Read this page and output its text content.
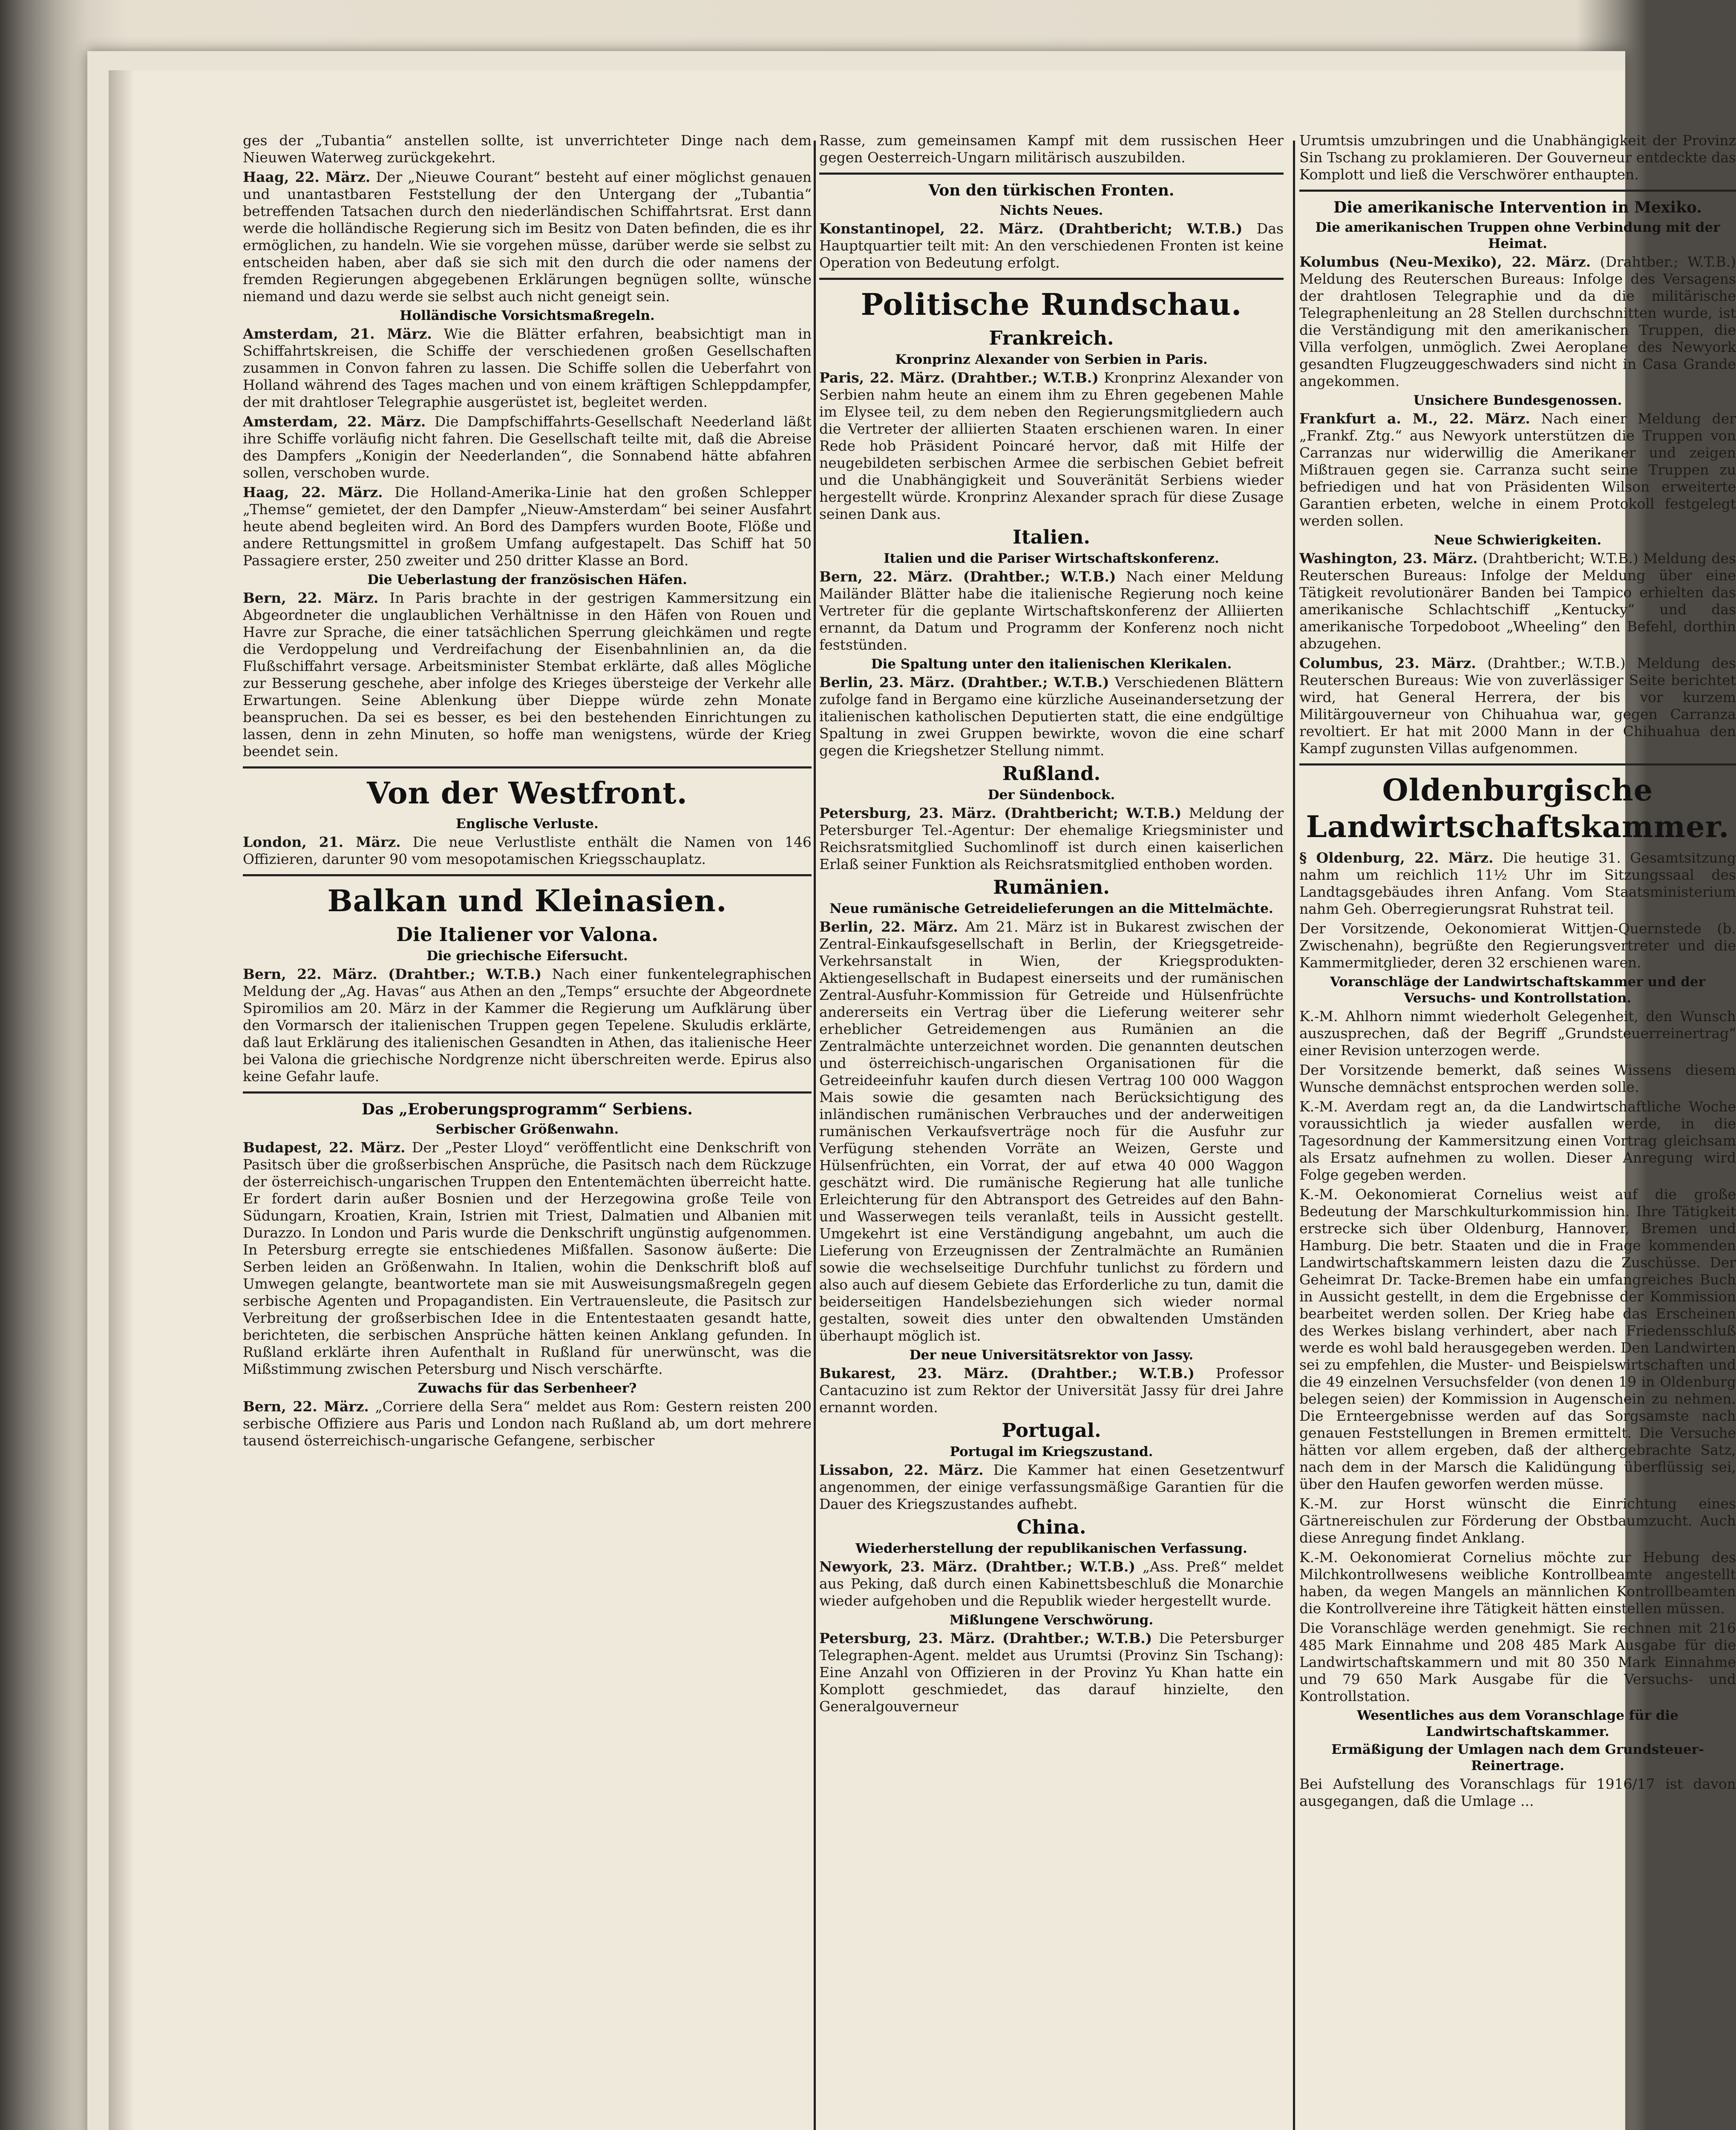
ges der „Tubantia“ anstellen sollte, ist unverrichteter Dinge nach dem Nieuwen Waterweg zurückgekehrt.
Haag, 22. März. Der „Nieuwe Courant“ besteht auf einer möglichst genauen und unantastbaren Feststellung der den Untergang der „Tubantia“ betreffenden Tatsachen durch den niederländischen Schiffahrtsrat. Erst dann werde die holländische Regierung sich im Besitz von Daten befinden, die es ihr ermöglichen, zu handeln. Wie sie vorgehen müsse, darüber werde sie selbst zu entscheiden haben, aber daß sie sich mit den durch die oder namens der fremden Regierungen abgegebenen Erklärungen begnügen sollte, wünsche niemand und dazu werde sie selbst auch nicht geneigt sein.
Holländische Vorsichtsmaßregeln.
Amsterdam, 21. März. Wie die Blätter erfahren, beabsichtigt man in Schiffahrtskreisen, die Schiffe der verschiedenen großen Gesellschaften zusammen in Convon fahren zu lassen. Die Schiffe sollen die Ueberfahrt von Holland während des Tages machen und von einem kräftigen Schleppdampfer, der mit drahtloser Telegraphie ausgerüstet ist, begleitet werden.
Amsterdam, 22. März. Die Dampfschiffahrts-Gesellschaft Neederland läßt ihre Schiffe vorläufig nicht fahren. Die Gesellschaft teilte mit, daß die Abreise des Dampfers „Konigin der Neederlanden“, die Sonnabend hätte abfahren sollen, verschoben wurde.
Haag, 22. März. Die Holland-Amerika-Linie hat den großen Schlepper „Themse“ gemietet, der den Dampfer „Nieuw-Amsterdam“ bei seiner Ausfahrt heute abend begleiten wird. An Bord des Dampfers wurden Boote, Flöße und andere Rettungsmittel in großem Umfang aufgestapelt. Das Schiff hat 50 Passagiere erster, 250 zweiter und 250 dritter Klasse an Bord.
Die Ueberlastung der französischen Häfen.
Bern, 22. März. In Paris brachte in der gestrigen Kammersitzung ein Abgeordneter die unglaublichen Verhältnisse in den Häfen von Rouen und Havre zur Sprache, die einer tatsächlichen Sperrung gleichkämen und regte die Verdoppelung und Verdreifachung der Eisenbahnlinien an, da die Flußschiffahrt versage. Arbeitsminister Stembat erklärte, daß alles Mögliche zur Besserung geschehe, aber infolge des Krieges übersteige der Verkehr alle Erwartungen. Seine Ablenkung über Dieppe würde zehn Monate beanspruchen. Da sei es besser, es bei den bestehenden Einrichtungen zu lassen, denn in zehn Minuten, so hoffe man wenigstens, würde der Krieg beendet sein.
Von der Westfront.
Englische Verluste.
London, 21. März. Die neue Verlustliste enthält die Namen von 146 Offizieren, darunter 90 vom mesopotamischen Kriegsschauplatz.
Balkan und Kleinasien.
Die Italiener vor Valona.
Die griechische Eifersucht.
Bern, 22. März. (Drahtber.; W.T.B.) Nach einer funkentelegraphischen Meldung der „Ag. Havas“ aus Athen an den „Temps“ ersuchte der Abgeordnete Spiromilios am 20. März in der Kammer die Regierung um Aufklärung über den Vormarsch der italienischen Truppen gegen Tepelene. Skuludis erklärte, daß laut Erklärung des italienischen Gesandten in Athen, das italienische Heer bei Valona die griechische Nordgrenze nicht überschreiten werde. Epirus also keine Gefahr laufe.
Das „Eroberungsprogramm“ Serbiens.
Serbischer Größenwahn.
Budapest, 22. März. Der „Pester Lloyd“ veröffentlicht eine Denkschrift von Pasitsch über die großserbischen Ansprüche, die Pasitsch nach dem Rückzuge der österreichisch-ungarischen Truppen den Ententemächten überreicht hatte. Er fordert darin außer Bosnien und der Herzegowina große Teile von Südungarn, Kroatien, Krain, Istrien mit Triest, Dalmatien und Albanien mit Durazzo. In London und Paris wurde die Denkschrift ungünstig aufgenommen. In Petersburg erregte sie entschiedenes Mißfallen. Sasonow äußerte: Die Serben leiden an Größenwahn. In Italien, wohin die Denkschrift bloß auf Umwegen gelangte, beantwortete man sie mit Ausweisungsmaßregeln gegen serbische Agenten und Propagandisten. Ein Vertrauensleute, die Pasitsch zur Verbreitung der großserbischen Idee in die Ententestaaten gesandt hatte, berichteten, die serbischen Ansprüche hätten keinen Anklang gefunden. In Rußland erklärte ihren Aufenthalt in Rußland für unerwünscht, was die Mißstimmung zwischen Petersburg und Nisch verschärfte.
Zuwachs für das Serbenheer?
Bern, 22. März. „Corriere della Sera“ meldet aus Rom: Gestern reisten 200 serbische Offiziere aus Paris und London nach Rußland ab, um dort mehrere tausend österreichisch-ungarische Gefangene, serbischer
Rasse, zum gemeinsamen Kampf mit dem russischen Heer gegen Oesterreich-Ungarn militärisch auszubilden.
Von den türkischen Fronten.
Nichts Neues.
Konstantinopel, 22. März. (Drahtbericht; W.T.B.) Das Hauptquartier teilt mit: An den verschiedenen Fronten ist keine Operation von Bedeutung erfolgt.
Politische Rundschau.
Frankreich.
Kronprinz Alexander von Serbien in Paris.
Paris, 22. März. (Drahtber.; W.T.B.) Kronprinz Alexander von Serbien nahm heute an einem ihm zu Ehren gegebenen Mahle im Elysee teil, zu dem neben den Regierungsmitgliedern auch die Vertreter der alliierten Staaten erschienen waren. In einer Rede hob Präsident Poincaré hervor, daß mit Hilfe der neugebildeten serbischen Armee die serbischen Gebiet befreit und die Unabhängigkeit und Souveränität Serbiens wieder hergestellt würde. Kronprinz Alexander sprach für diese Zusage seinen Dank aus.
Italien.
Italien und die Pariser Wirtschaftskonferenz.
Bern, 22. März. (Drahtber.; W.T.B.) Nach einer Meldung Mailänder Blätter habe die italienische Regierung noch keine Vertreter für die geplante Wirtschaftskonferenz der Alliierten ernannt, da Datum und Programm der Konferenz noch nicht feststünden.
Die Spaltung unter den italienischen Klerikalen.
Berlin, 23. März. (Drahtber.; W.T.B.) Verschiedenen Blättern zufolge fand in Bergamo eine kürzliche Auseinandersetzung der italienischen katholischen Deputierten statt, die eine endgültige Spaltung in zwei Gruppen bewirkte, wovon die eine scharf gegen die Kriegshetzer Stellung nimmt.
Rußland.
Der Sündenbock.
Petersburg, 23. März. (Drahtbericht; W.T.B.) Meldung der Petersburger Tel.-Agentur: Der ehemalige Kriegsminister und Reichsratsmitglied Suchomlinoff ist durch einen kaiserlichen Erlaß seiner Funktion als Reichsratsmitglied enthoben worden.
Rumänien.
Neue rumänische Getreidelieferungen an die Mittelmächte.
Berlin, 22. März. Am 21. März ist in Bukarest zwischen der Zentral-Einkaufsgesellschaft in Berlin, der Kriegsgetreide-Verkehrsanstalt in Wien, der Kriegsprodukten-Aktiengesellschaft in Budapest einerseits und der rumänischen Zentral-Ausfuhr-Kommission für Getreide und Hülsenfrüchte andererseits ein Vertrag über die Lieferung weiterer sehr erheblicher Getreidemengen aus Rumänien an die Zentralmächte unterzeichnet worden. Die genannten deutschen und österreichisch-ungarischen Organisationen für die Getreideeinfuhr kaufen durch diesen Vertrag 100 000 Waggon Mais sowie die gesamten nach Berücksichtigung des inländischen rumänischen Verbrauches und der anderweitigen rumänischen Verkaufsverträge noch für die Ausfuhr zur Verfügung stehenden Vorräte an Weizen, Gerste und Hülsenfrüchten, ein Vorrat, der auf etwa 40 000 Waggon geschätzt wird. Die rumänische Regierung hat alle tunliche Erleichterung für den Abtransport des Getreides auf den Bahn- und Wasserwegen teils veranlaßt, teils in Aussicht gestellt. Umgekehrt ist eine Verständigung angebahnt, um auch die Lieferung von Erzeugnissen der Zentralmächte an Rumänien sowie die wechselseitige Durchfuhr tunlichst zu fördern und also auch auf diesem Gebiete das Erforderliche zu tun, damit die beiderseitigen Handelsbeziehungen sich wieder normal gestalten, soweit dies unter den obwaltenden Umständen überhaupt möglich ist.
Der neue Universitätsrektor von Jassy.
Bukarest, 23. März. (Drahtber.; W.T.B.) Professor Cantacuzino ist zum Rektor der Universität Jassy für drei Jahre ernannt worden.
Portugal.
Portugal im Kriegszustand.
Lissabon, 22. März. Die Kammer hat einen Gesetzentwurf angenommen, der einige verfassungsmäßige Garantien für die Dauer des Kriegszustandes aufhebt.
China.
Wiederherstellung der republikanischen Verfassung.
Newyork, 23. März. (Drahtber.; W.T.B.) „Ass. Preß“ meldet aus Peking, daß durch einen Kabinettsbeschluß die Monarchie wieder aufgehoben und die Republik wieder hergestellt wurde.
Mißlungene Verschwörung.
Petersburg, 23. März. (Drahtber.; W.T.B.) Die Petersburger Telegraphen-Agent. meldet aus Urumtsi (Provinz Sin Tschang): Eine Anzahl von Offizieren in der Provinz Yu Khan hatte ein Komplott geschmiedet, das darauf hinzielte, den Generalgouverneur
Urumtsis umzubringen und die Unabhängigkeit der Provinz Sin Tschang zu proklamieren. Der Gouverneur entdeckte das Komplott und ließ die Verschwörer enthaupten.
Die amerikanische Intervention in Mexiko.
Die amerikanischen Truppen ohne Verbindung mit der Heimat.
Kolumbus (Neu-Mexiko), 22. März. (Drahtber.; W.T.B.) Meldung des Reuterschen Bureaus: Infolge des Versagens der drahtlosen Telegraphie und da die militärische Telegraphenleitung an 28 Stellen durchschnitten wurde, ist die Verständigung mit den amerikanischen Truppen, die Villa verfolgen, unmöglich. Zwei Aeroplane des Newyork gesandten Flugzeuggeschwaders sind nicht in Casa Grande angekommen.
Unsichere Bundesgenossen.
Frankfurt a. M., 22. März. Nach einer Meldung der „Frankf. Ztg.“ aus Newyork unterstützen die Truppen von Carranzas nur widerwillig die Amerikaner und zeigen Mißtrauen gegen sie. Carranza sucht seine Truppen zu befriedigen und hat von Präsidenten Wilson erweiterte Garantien erbeten, welche in einem Protokoll festgelegt werden sollen.
Neue Schwierigkeiten.
Washington, 23. März. (Drahtbericht; W.T.B.) Meldung des Reuterschen Bureaus: Infolge der Meldung über eine Tätigkeit revolutionärer Banden bei Tampico erhielten das amerikanische Schlachtschiff „Kentucky“ und das amerikanische Torpedoboot „Wheeling“ den Befehl, dorthin abzugehen.
Columbus, 23. März. (Drahtber.; W.T.B.) Meldung des Reuterschen Bureaus: Wie von zuverlässiger Seite berichtet wird, hat General Herrera, der bis vor kurzem Militärgouverneur von Chihuahua war, gegen Carranza revoltiert. Er hat mit 2000 Mann in der Chihuahua den Kampf zugunsten Villas aufgenommen.
Oldenburgische Landwirtschaftskammer.
§ Oldenburg, 22. März. Die heutige 31. Gesamtsitzung nahm um reichlich 11½ Uhr im Sitzungssaal des Landtagsgebäudes ihren Anfang. Vom Staatsministerium nahm Geh. Oberregierungsrat Ruhstrat teil.
Der Vorsitzende, Oekonomierat Wittjen-Quernstede (b. Zwischenahn), begrüßte den Regierungsvertreter und die Kammermitglieder, deren 32 erschienen waren.
Voranschläge der Landwirtschaftskammer und der Versuchs- und Kontrollstation.
K.-M. Ahlhorn nimmt wiederholt Gelegenheit, den Wunsch auszusprechen, daß der Begriff „Grundsteuerreinertrag“ einer Revision unterzogen werde.
Der Vorsitzende bemerkt, daß seines Wissens diesem Wunsche demnächst entsprochen werden solle.
K.-M. Averdam regt an, da die Landwirtschaftliche Woche voraussichtlich ja wieder ausfallen werde, in die Tagesordnung der Kammersitzung einen Vortrag gleichsam als Ersatz aufnehmen zu wollen. Dieser Anregung wird Folge gegeben werden.
K.-M. Oekonomierat Cornelius weist auf die große Bedeutung der Marschkulturkommission hin. Ihre Tätigkeit erstrecke sich über Oldenburg, Hannover, Bremen und Hamburg. Die betr. Staaten und die in Frage kommenden Landwirtschaftskammern leisten dazu die Zuschüsse. Der Geheimrat Dr. Tacke-Bremen habe ein umfangreiches Buch in Aussicht gestellt, in dem die Ergebnisse der Kommission bearbeitet werden sollen. Der Krieg habe das Erscheinen des Werkes bislang verhindert, aber nach Friedensschluß werde es wohl bald herausgegeben werden. Den Landwirten sei zu empfehlen, die Muster- und Beispielswirtschaften und die 49 einzelnen Versuchsfelder (von denen 19 in Oldenburg belegen seien) der Kommission in Augenschein zu nehmen. Die Ernteergebnisse werden auf das Sorgsamste nach genauen Feststellungen in Bremen ermittelt. Die Versuche hätten vor allem ergeben, daß der althergebrachte Satz, nach dem in der Marsch die Kalidüngung überflüssig sei, über den Haufen geworfen werden müsse.
K.-M. zur Horst wünscht die Einrichtung eines Gärtnereischulen zur Förderung der Obstbaumzucht. Auch diese Anregung findet Anklang.
K.-M. Oekonomierat Cornelius möchte zur Hebung des Milchkontrollwesens weibliche Kontrollbeamte angestellt haben, da wegen Mangels an männlichen Kontrollbeamten die Kontrollvereine ihre Tätigkeit hätten einstellen müssen.
Die Voranschläge werden genehmigt. Sie rechnen mit 216 485 Mark Einnahme und 208 485 Mark Ausgabe für die Landwirtschaftskammern und mit 80 350 Mark Einnahme und 79 650 Mark Ausgabe für die Versuchs- und Kontrollstation.
Wesentliches aus dem Voranschlage für die Landwirtschaftskammer.
Ermäßigung der Umlagen nach dem Grundsteuer-Reinertrage.
Bei Aufstellung des Voranschlags für 1916/17 ist davon ausgegangen, daß die Umlage ...
